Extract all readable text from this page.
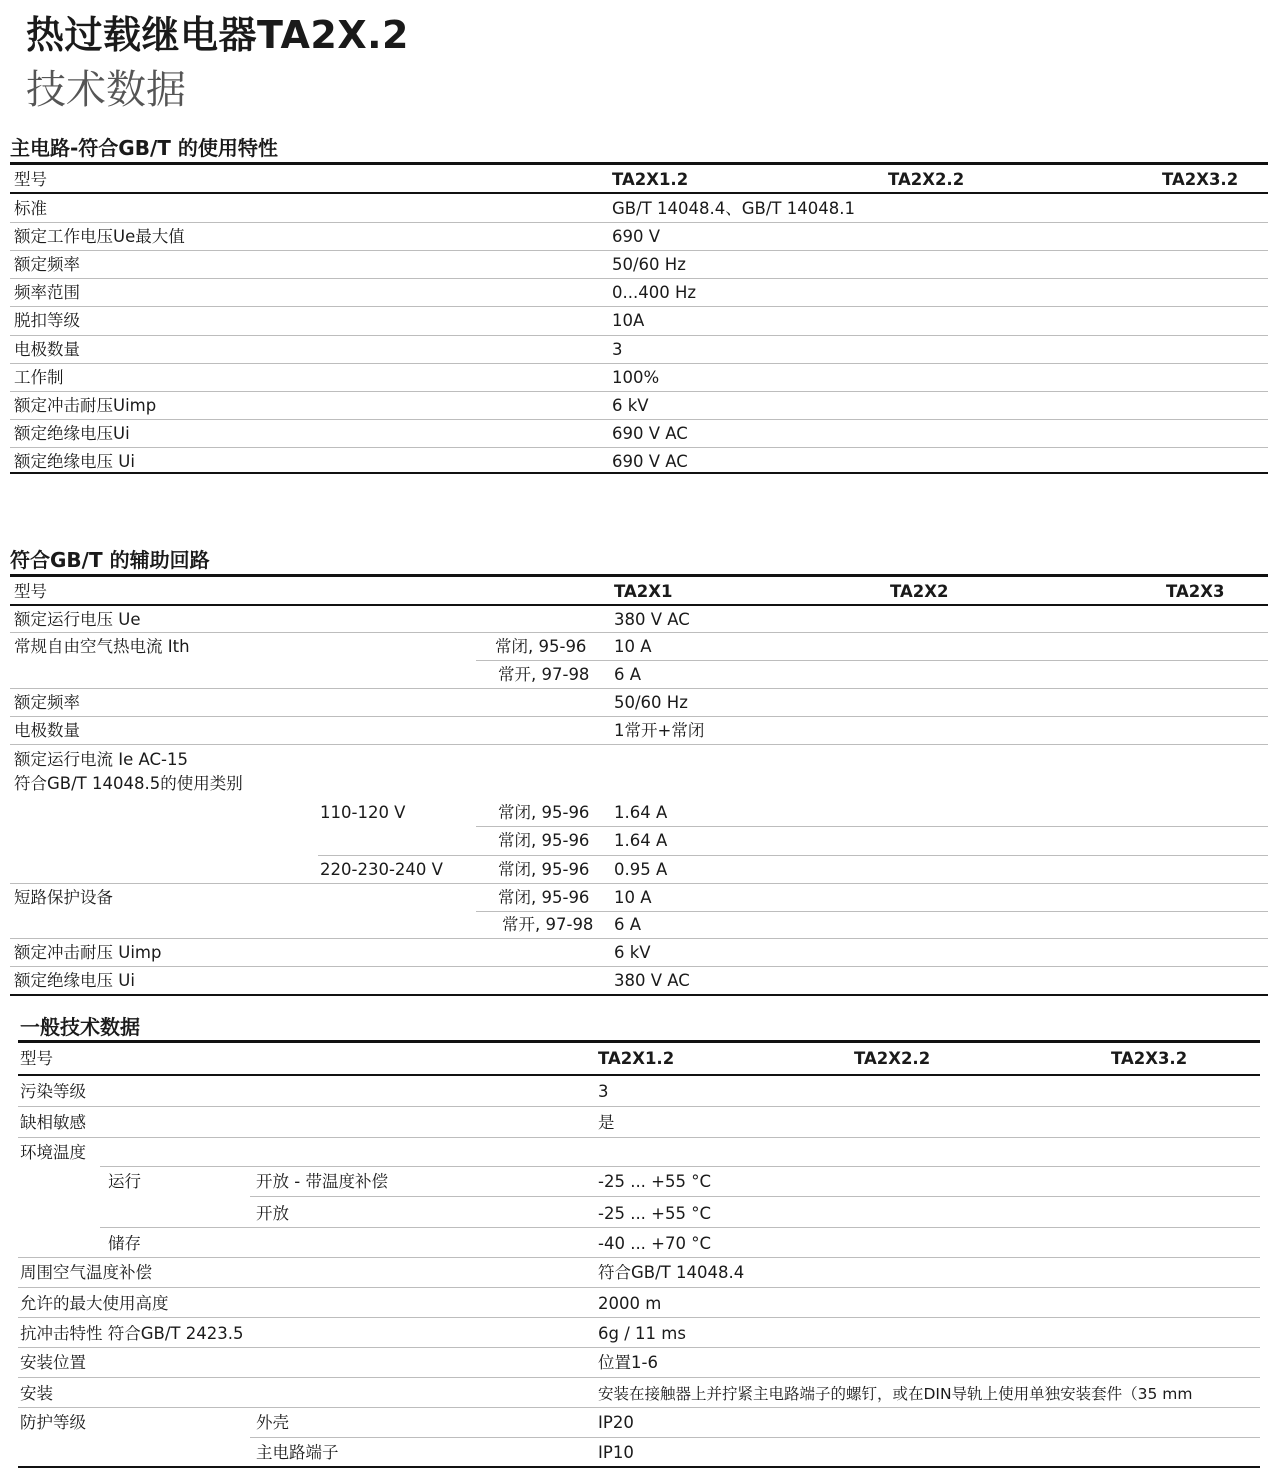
热过载继电器TA2X.2
技术数据
主电路-符合GB/T 的使用特性
型号	TA2X1.2	TA2X2.2	TA2X3.2
标准	GB/T 14048.4、GB/T 14048.1
额定工作电压Ue最大值	690 V
额定频率	50/60 Hz
频率范围	0...400 Hz
脱扣等级	10A
电极数量	3
工作制	100%
额定冲击耐压Uimp	6 kV
额定绝缘电压Ui	690 V AC
额定绝缘电压 Ui	690 V AC
符合GB/T 的辅助回路
型号	TA2X1	TA2X2	TA2X3
额定运行电压 Ue	380 V AC
常规自由空气热电流 Ith	常闭, 95-96 10 A
常开, 97-98 6 A
额定频率	50/60 Hz
电极数量	1常开+常闭
额定运行电流 Ie AC-15
符合GB/T 14048.5的使用类别
110-120 V	常闭, 95-96 1.64 A
常闭, 95-96 1.64 A
220-230-240 V	常闭, 95-96 0.95 A
短路保护设备	常闭, 95-96 10 A
常开, 97-98 6 A
额定冲击耐压 Uimp	6 kV
额定绝缘电压 Ui	380 V AC
一般技术数据
型号	TA2X1.2	TA2X2.2	TA2X3.2
污染等级	3
缺相敏感	是
环境温度
运行	开放 - 带温度补偿	-25 ... +55 °C
开放	-25 ... +55 °C
储存	-40 ... +70 °C
周围空气温度补偿	符合GB/T 14048.4
允许的最大使用高度	2000 m
抗冲击特性 符合GB/T 2423.5	6g / 11 ms
安装位置	位置1-6
安装	安装在接触器上并拧紧主电路端子的螺钉，或在DIN导轨上使用单独安装套件（35 mm
防护等级	外壳	IP20
主电路端子	IP10
